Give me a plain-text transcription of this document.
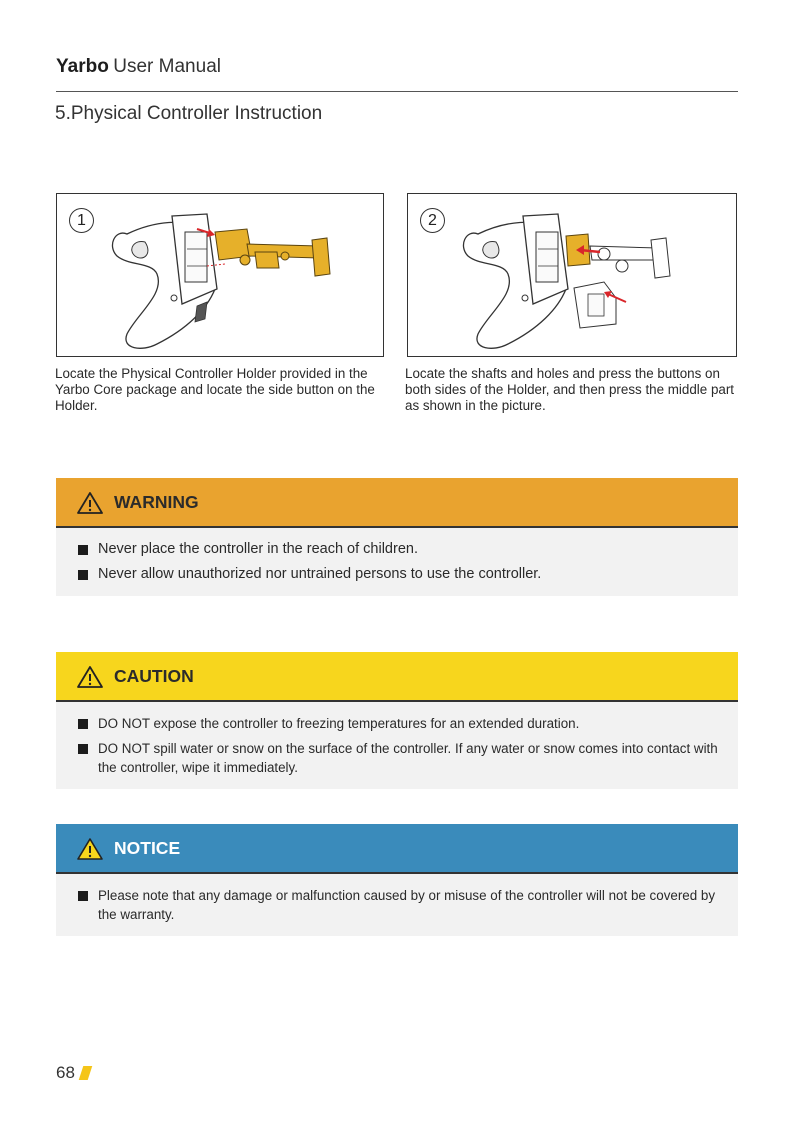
Yarbo User Manual
5.Physical Controller Instruction
1	2
Locate the Physical Controller Holder provided in the Yarbo Core package and locate the side button on the Holder.
Locate the shafts and holes and press the buttons on both sides of the Holder, and then press the middle part as shown in the picture.
WARNING
Never place the controller in the reach of children.
Never allow unauthorized nor untrained persons to use the controller.
CAUTION
DO NOT expose the controller to freezing temperatures for an extended duration.
DO NOT spill water or snow on the surface of the controller. If any water or snow comes into contact with the controller, wipe it immediately.
NOTICE
Please note that any damage or malfunction caused by or misuse of the controller will not be covered by the warranty.
68
